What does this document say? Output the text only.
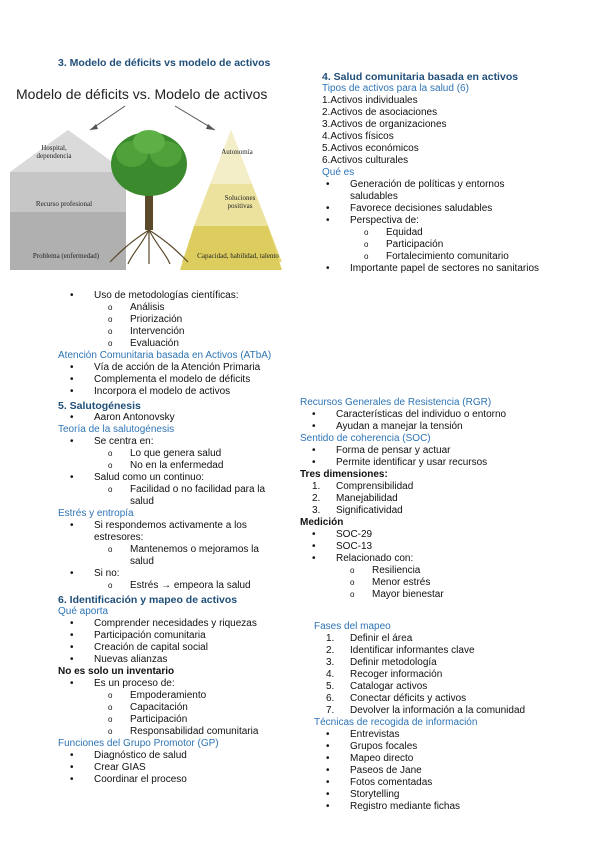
3. Modelo de déficits vs modelo de activos
Modelo de déficits vs. Modelo de activos
Hospital, dependencia
Recurso profesional
Problema (enfermedad)
Autonomía
Soluciones positivas
Capacidad, habilidad, talento
• Uso de metodologías científicas:
o Análisis
o Priorización
o Intervención
o Evaluación
Atención Comunitaria basada en Activos (ATbA)
• Vía de acción de la Atención Primaria
• Complementa el modelo de déficits
• Incorpora el modelo de activos
5. Salutogénesis
• Aaron Antonovsky
Teoría de la salutogénesis
• Se centra en:
o Lo que genera salud
o No en la enfermedad
• Salud como un continuo:
o Facilidad o no facilidad para la salud
Estrés y entropía
• Si respondemos activamente a los estresores:
o Mantenemos o mejoramos la salud
• Si no:
o Estrés → empeora la salud
6. Identificación y mapeo de activos
Qué aporta
• Comprender necesidades y riquezas
• Participación comunitaria
• Creación de capital social
• Nuevas alianzas
No es solo un inventario
• Es un proceso de:
o Empoderamiento
o Capacitación
o Participación
o Responsabilidad comunitaria
Funciones del Grupo Promotor (GP)
• Diagnóstico de salud
• Crear GIAS
• Coordinar el proceso
4. Salud comunitaria basada en activos
Tipos de activos para la salud (6)
1.Activos individuales
2.Activos de asociaciones
3.Activos de organizaciones
4.Activos físicos
5.Activos económicos
6.Activos culturales
Qué es
• Generación de políticas y entornos saludables
• Favorece decisiones saludables
• Perspectiva de:
o Equidad
o Participación
o Fortalecimiento comunitario
• Importante papel de sectores no sanitarios
Recursos Generales de Resistencia (RGR)
• Características del individuo o entorno
• Ayudan a manejar la tensión
Sentido de coherencia (SOC)
• Forma de pensar y actuar
• Permite identificar y usar recursos
Tres dimensiones:
1. Comprensibilidad
2. Manejabilidad
3. Significatividad
Medición
• SOC-29
• SOC-13
• Relacionado con:
o Resiliencia
o Menor estrés
o Mayor bienestar
Fases del mapeo
1. Definir el área
2. Identificar informantes clave
3. Definir metodología
4. Recoger información
5. Catalogar activos
6. Conectar déficits y activos
7. Devolver la información a la comunidad
Técnicas de recogida de información
• Entrevistas
• Grupos focales
• Mapeo directo
• Paseos de Jane
• Fotos comentadas
• Storytelling
• Registro mediante fichas
